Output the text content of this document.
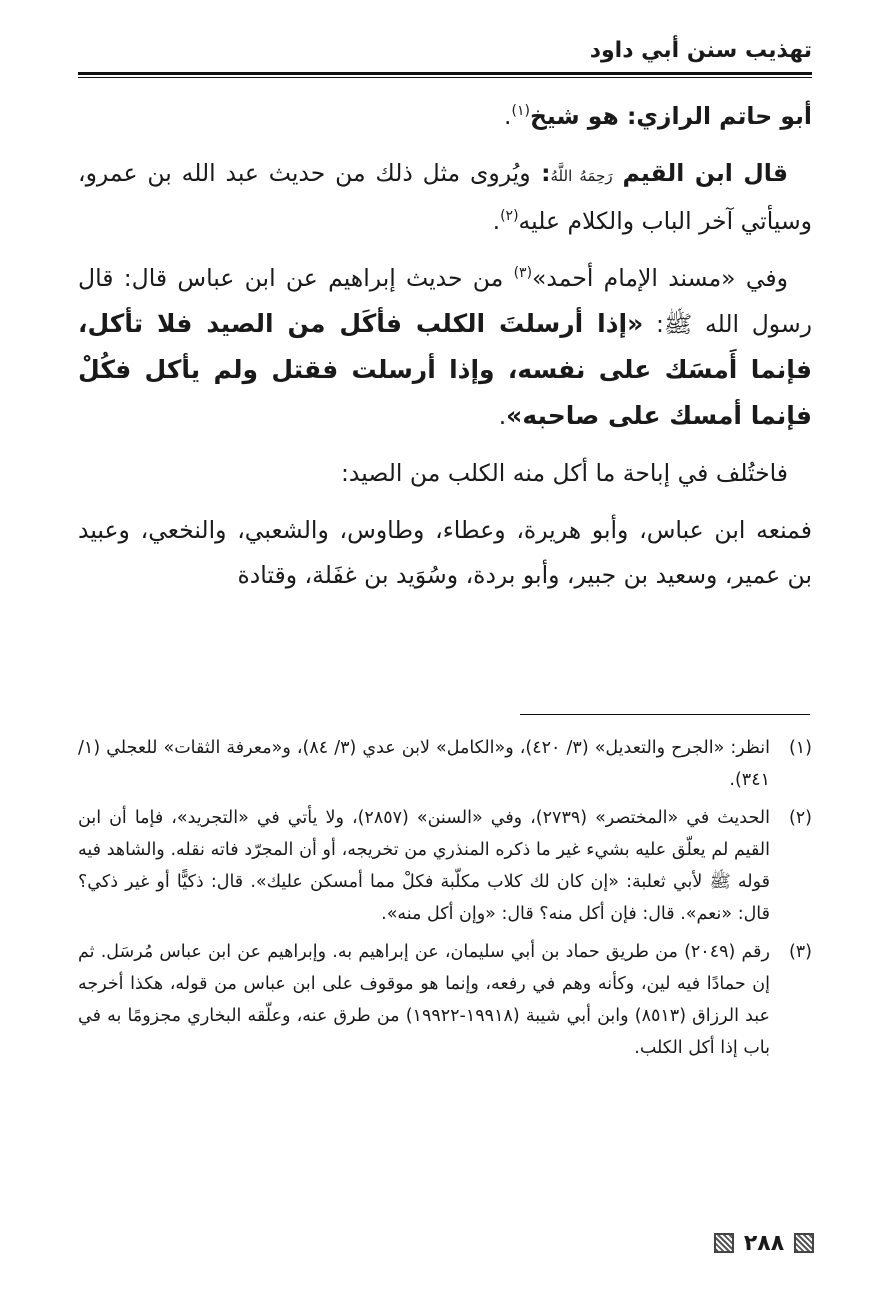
تهذيب سنن أبي داود

أبو حاتم الرازي: هو شيخ$^{(١)}$.

قال ابن القيم رَحِمَهُ اللَّهُ: ويُروى مثل ذلك من حديث عبد الله بن عمرو، وسيأتي آخر الباب والكلام عليه$^{(٢)}$.

وفي «مسند الإمام أحمد»$^{(٣)}$ من حديث إبراهيم عن ابن عباس قال: قال رسول الله ﷺ: «إذا أرسلتَ الكلب فأكَل من الصيد فلا تأكل، فإنما أَمسَك على نفسه، وإذا أرسلت فقتل ولم يأكل فكُلْ فإنما أمسك على صاحبه».

فاختُلف في إباحة ما أكل منه الكلب من الصيد:

فمنعه ابن عباس، وأبو هريرة، وعطاء، وطاوس، والشعبي، والنخعي، وعبيد بن عمير، وسعيد بن جبير، وأبو بردة، وسُوَيد بن غفَلة، وقتادة

(١)
انظر: «الجرح والتعديل» (٣/ ٤٢٠)، و«الكامل» لابن عدي (٣/ ٨٤)، و«معرفة الثقات» للعجلي (١/ ٣٤١).
(٢)
الحديث في «المختصر» (٢٧٣٩)، وفي «السنن» (٢٨٥٧)، ولا يأتي في «التجريد»، فإما أن ابن القيم لم يعلّق عليه بشيء غير ما ذكره المنذري من تخريجه، أو أن المجرّد فاته نقله. والشاهد فيه قوله ﷺ لأبي ثعلبة: «إن كان لك كلاب مكلّبة فكلْ مما أمسكن عليك». قال: ذكيًّا أو غير ذكي؟ قال: «نعم». قال: فإن أكل منه؟ قال: «وإن أكل منه».
(٣)
رقم (٢٠٤٩) من طريق حماد بن أبي سليمان، عن إبراهيم به. وإبراهيم عن ابن عباس مُرسَل. ثم إن حمادًا فيه لين، وكأنه وهم في رفعه، وإنما هو موقوف على ابن عباس من قوله، هكذا أخرجه عبد الرزاق (٨٥١٣) وابن أبي شيبة (١٩٩١٨-١٩٩٢٢) من طرق عنه، وعلّقه البخاري مجزومًا به في باب إذا أكل الكلب.
٢٨٨
